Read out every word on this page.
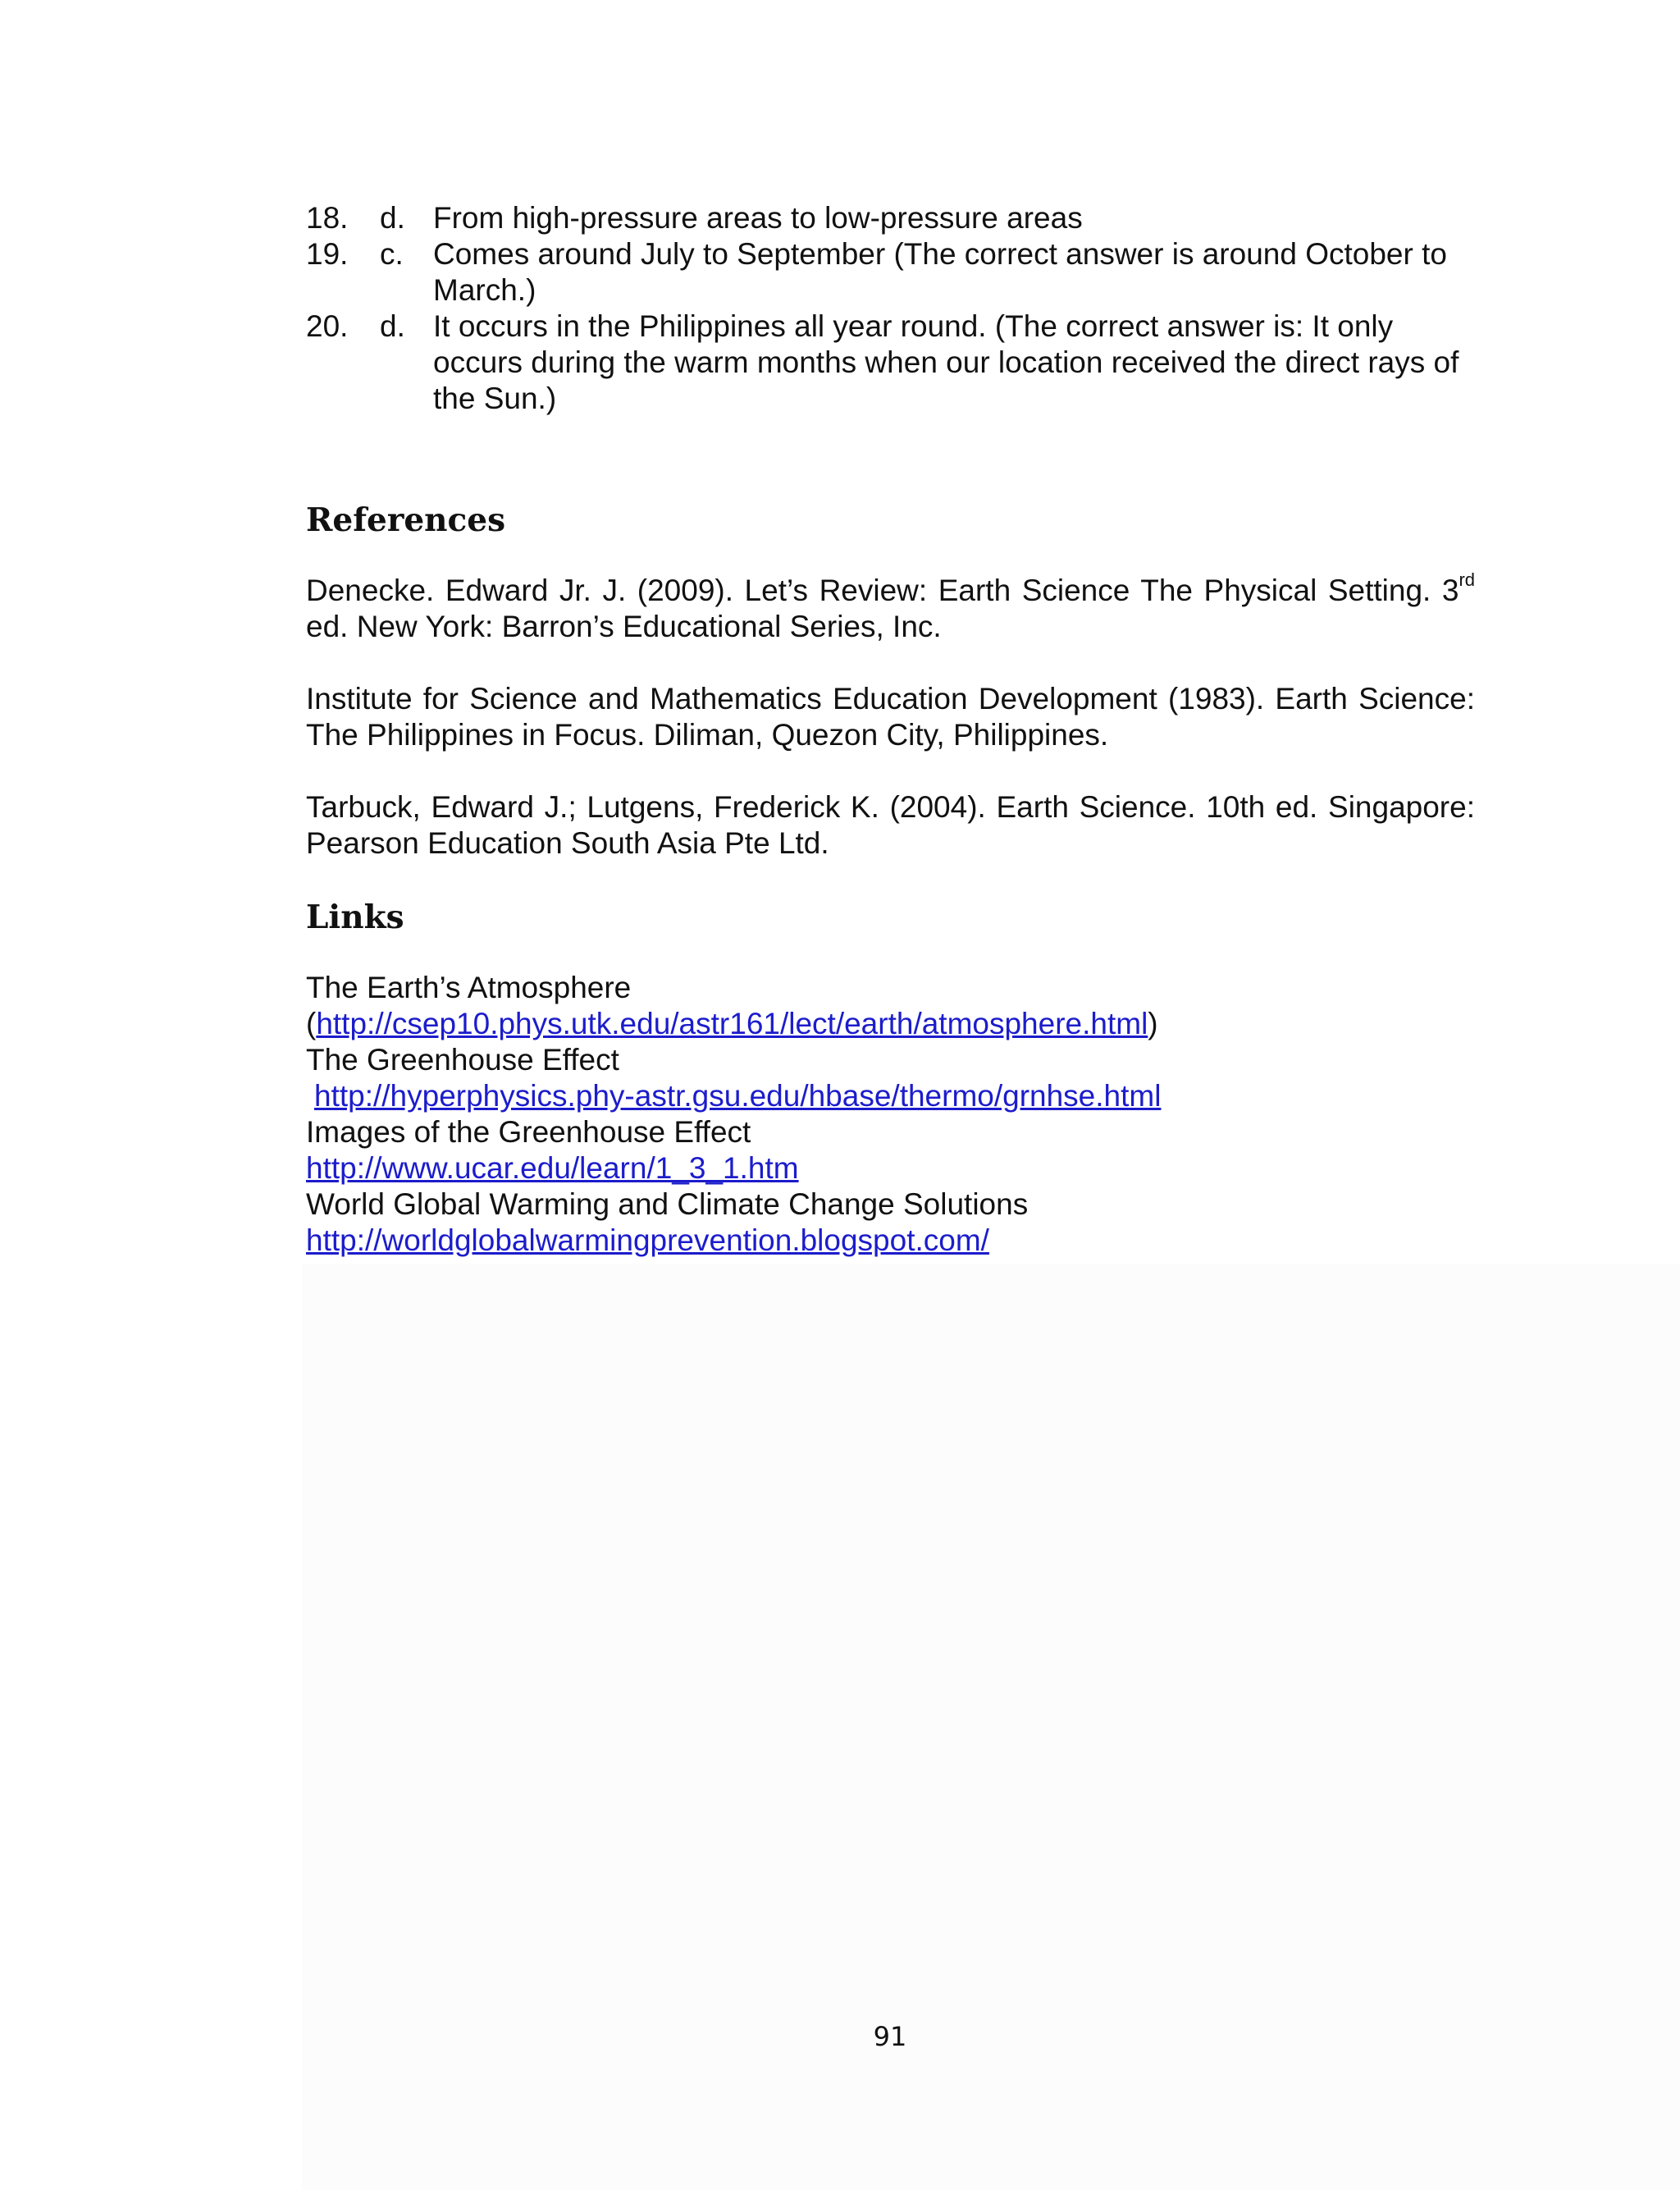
18.	d. From high-pressure areas to low-pressure areas
19.	c. Comes around July to September (The correct answer is around October to March.)
20.	d. It occurs in the Philippines all year round. (The correct answer is: It only occurs during the warm months when our location received the direct rays of the Sun.)
References

Denecke. Edward Jr. J. (2009). Let’s Review: Earth Science The Physical Setting. 3rd ed. New York: Barron’s Educational Series, Inc.

Institute for Science and Mathematics Education Development (1983). Earth Science: The Philippines in Focus. Diliman, Quezon City, Philippines.

Tarbuck, Edward J.; Lutgens, Frederick K. (2004). Earth Science. 10th ed. Singapore: Pearson Education South Asia Pte Ltd.

Links
The Earth’s Atmosphere
(http://csep10.phys.utk.edu/astr161/lect/earth/atmosphere.html)
The Greenhouse Effect
http://hyperphysics.phy-astr.gsu.edu/hbase/thermo/grnhse.html
Images of the Greenhouse Effect
http://www.ucar.edu/learn/1_3_1.htm
World Global Warming and Climate Change Solutions
http://worldglobalwarmingprevention.blogspot.com/
91
